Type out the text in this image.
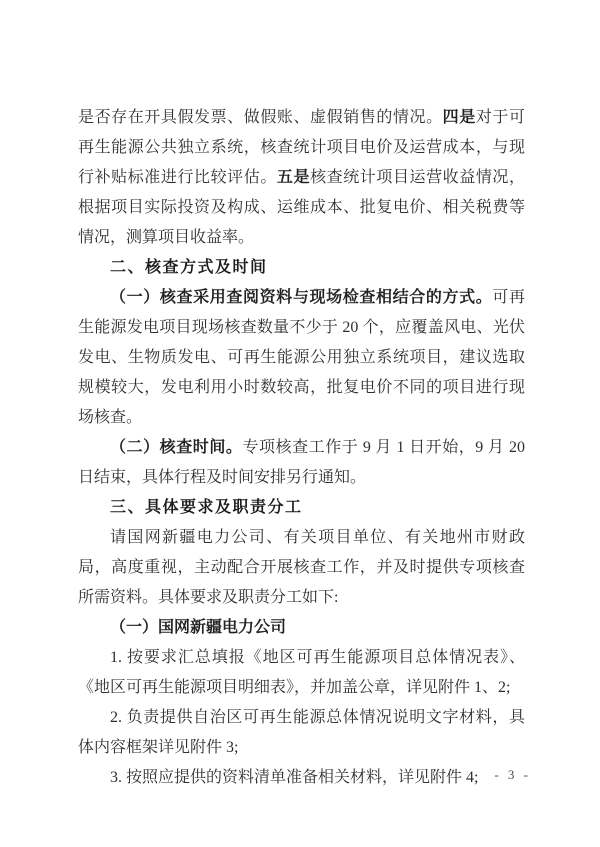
是否存在开具假发票、做假账、虚假销售的情况。四是对于可再生能源公共独立系统，核查统计项目电价及运营成本，与现行补贴标准进行比较评估。五是核查统计项目运营收益情况，根据项目实际投资及构成、运维成本、批复电价、相关税费等情况，测算项目收益率。

二、核查方式及时间

（一）核查采用查阅资料与现场检查相结合的方式。可再生能源发电项目现场核查数量不少于 20 个，应覆盖风电、光伏发电、生物质发电、可再生能源公用独立系统项目，建议选取规模较大，发电利用小时数较高，批复电价不同的项目进行现场核查。

（二）核查时间。专项核查工作于 9 月 1 日开始，9 月 20 日结束，具体行程及时间安排另行通知。

三、具体要求及职责分工

请国网新疆电力公司、有关项目单位、有关地州市财政局，高度重视，主动配合开展核查工作，并及时提供专项核查所需资料。具体要求及职责分工如下:

（一）国网新疆电力公司

1. 按要求汇总填报《地区可再生能源项目总体情况表》、《地区可再生能源项目明细表》，并加盖公章，详见附件 1、2;

2. 负责提供自治区可再生能源总体情况说明文字材料，具体内容框架详见附件 3;

3. 按照应提供的资料清单准备相关材料，详见附件 4;	- 3 -
